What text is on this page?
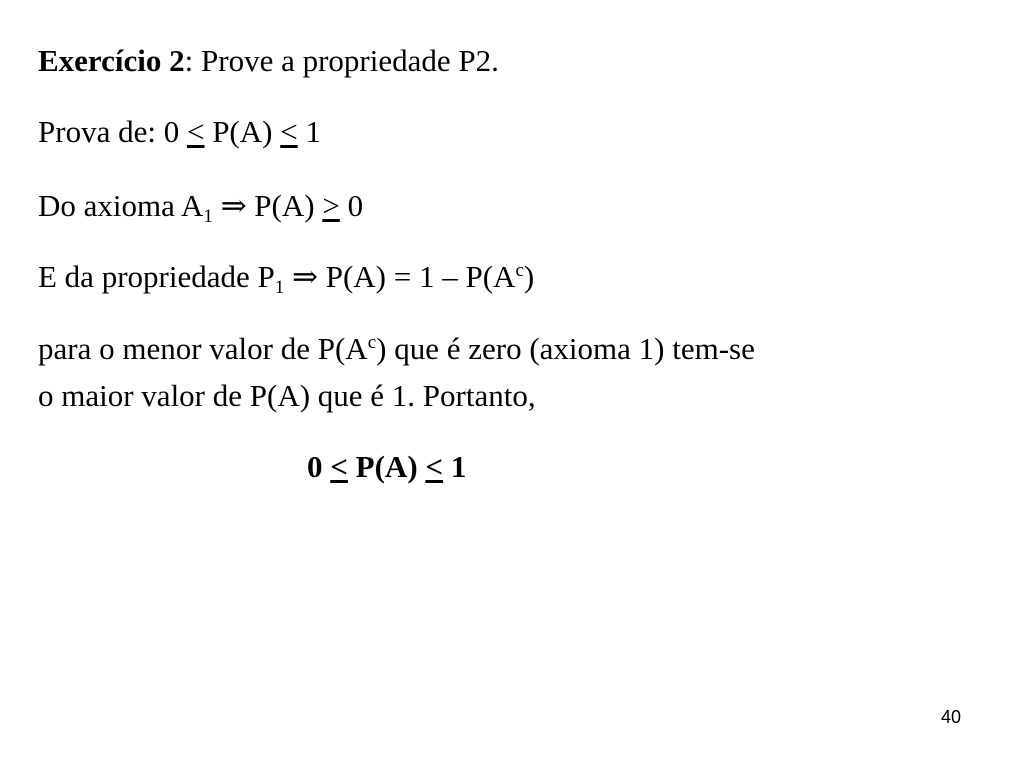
Exercício 2: Prove a propriedade P2.
Prova de: 0 ≤ P(A) ≤ 1
Do axioma $A_1$ ⇒ P(A) ≥ 0
E da propriedade $P_1$ ⇒ $P(A) = 1 - P(A^c)$
para o menor valor de $P(A^c)$ que é zero (axioma 1) tem-se
o maior valor de P(A) que é 1. Portanto,
0 ≤ P(A) ≤ 1
40
